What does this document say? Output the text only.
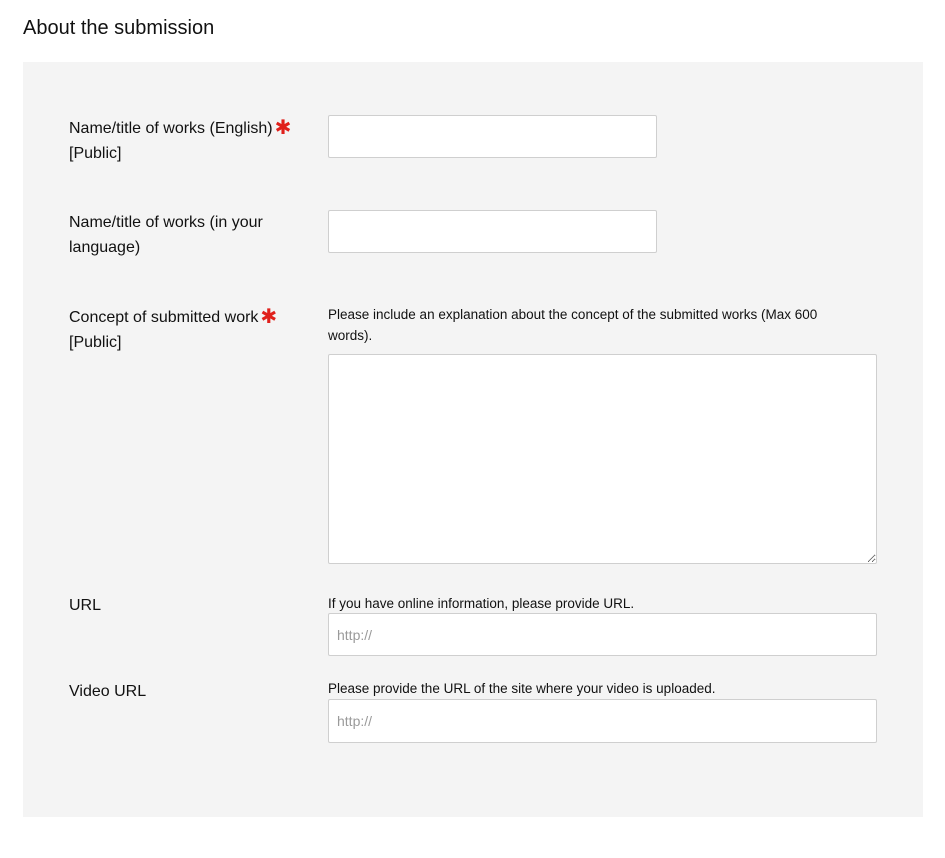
About the submission
Name/title of works (English) ✱
[Public]
Name/title of works (in your
language)
Concept of submitted work ✱
[Public]
Please include an explanation about the concept of the submitted works (Max 600
words).
URL	If you have online information, please provide URL.
http://
Video URL	Please provide the URL of the site where your video is uploaded.
http://
